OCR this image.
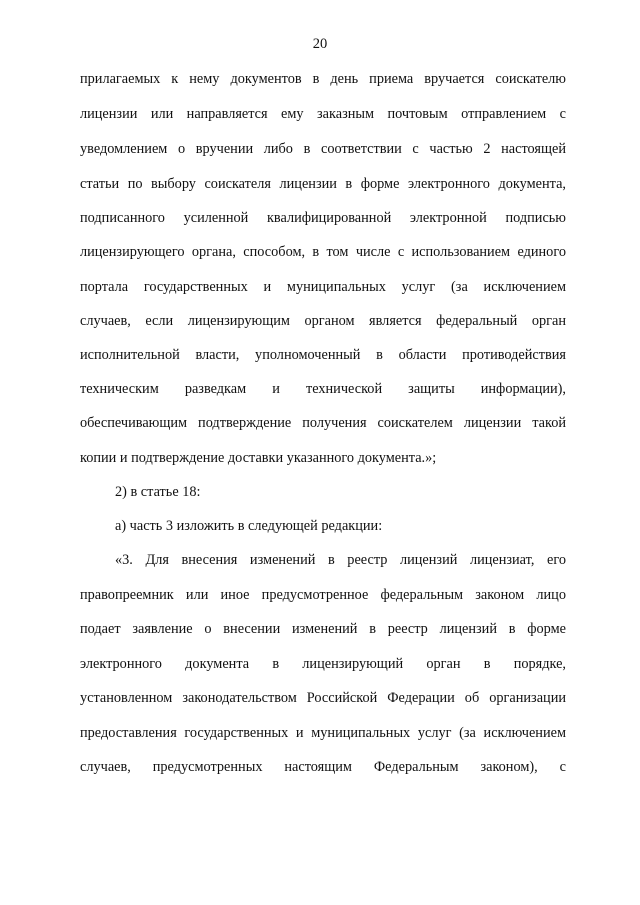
20
прилагаемых к нему документов в день приема вручается соискателю
лицензии или направляется ему заказным почтовым отправлением с
уведомлением о вручении либо в соответствии с частью 2 настоящей
статьи по выбору соискателя лицензии в форме электронного документа,
подписанного усиленной квалифицированной электронной подписью
лицензирующего органа, способом, в том числе с использованием единого
портала государственных и муниципальных услуг (за исключением
случаев, если лицензирующим органом является федеральный орган
исполнительной власти, уполномоченный в области противодействия
техническим разведкам и технической защиты информации),
обеспечивающим подтверждение получения соискателем лицензии такой
копии и подтверждение доставки указанного документа.»;
2) в статье 18:
а) часть 3 изложить в следующей редакции:
«3. Для внесения изменений в реестр лицензий лицензиат, его
правопреемник или иное предусмотренное федеральным законом лицо
подает заявление о внесении изменений в реестр лицензий в форме
электронного документа в лицензирующий орган в порядке,
установленном законодательством Российской Федерации об организации
предоставления государственных и муниципальных услуг (за исключением
случаев, предусмотренных настоящим Федеральным законом), с
